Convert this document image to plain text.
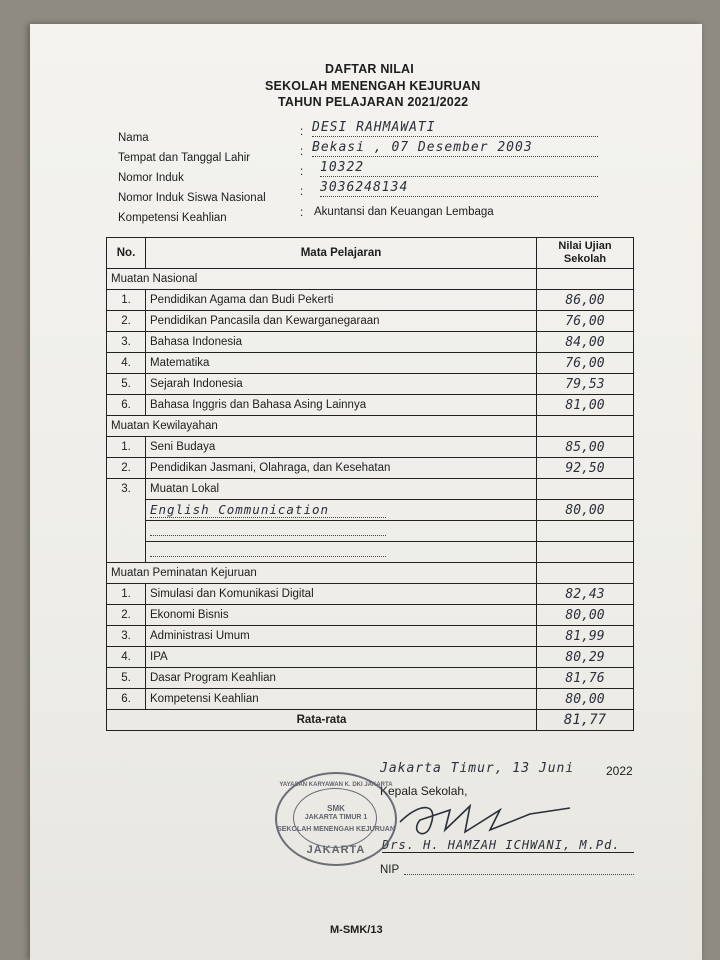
DAFTAR NILAI
SEKOLAH MENENGAH KEJURUAN
TAHUN PELAJARAN 2021/2022
Nama	: DESI RAHMAWATI
Tempat dan Tanggal Lahir	: Bekasi , 07 Desember 2003
Nomor Induk	: 10322
Nomor Induk Siswa Nasional	: 3036248134
Kompetensi Keahlian	: Akuntansi dan Keuangan Lembaga
No.	Mata Pelajaran	Nilai Ujian Sekolah
Muatan Nasional		
1.	Pendidikan Agama dan Budi Pekerti	86,00
2.	Pendidikan Pancasila dan Kewarganegaraan	76,00
3.	Bahasa Indonesia	84,00
4.	Matematika	76,00
5.	Sejarah Indonesia	79,53
6.	Bahasa Inggris dan Bahasa Asing Lainnya	81,00
Muatan Kewilayahan		
1.	Seni Budaya	85,00
2.	Pendidikan Jasmani, Olahraga, dan Kesehatan	92,50
3.	Muatan Lokal	
	English Communication	80,00

Muatan Peminatan Kejuruan		
1.	Simulasi dan Komunikasi Digital	82,43
2.	Ekonomi Bisnis	80,00
3.	Administrasi Umum	81,99
4.	IPA	80,29
5.	Dasar Program Keahlian	81,76
6.	Kompetensi Keahlian	80,00
Rata-rata		81,77
Jakarta Timur, 13 Juni	2022
Kepala Sekolah,
Drs. H. HAMZAH ICHWANI, M.Pd.
NIP
YAYASAN KARYAWAN K. DKI JAKARTA
SMK
JAKARTA TIMUR 1
SEKOLAH MENENGAH KEJURUAN
JAKARTA
M-SMK/13
